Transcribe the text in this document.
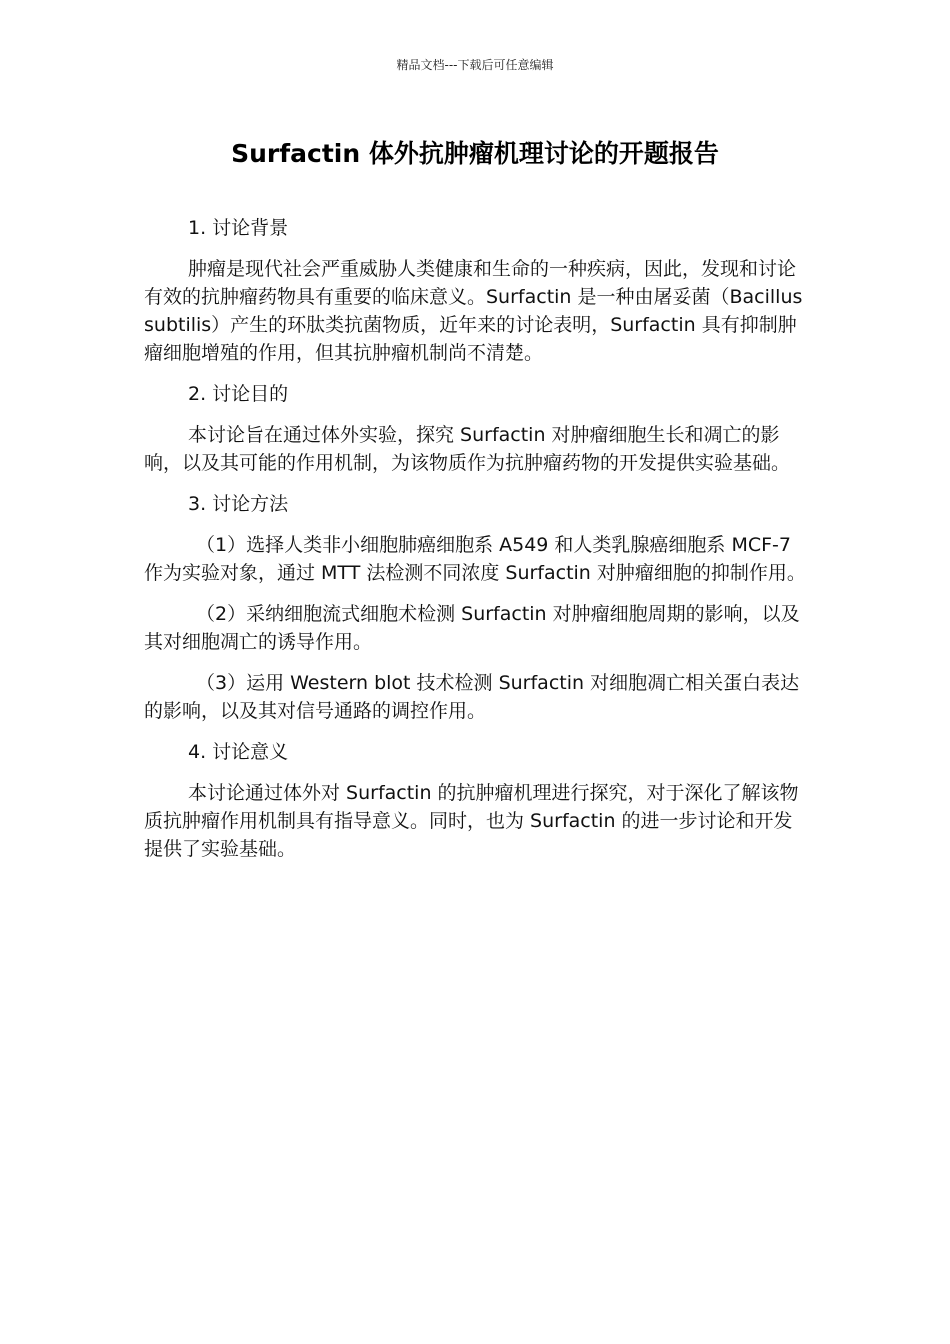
精品文档---下载后可任意编辑
Surfactin 体外抗肿瘤机理讨论的开题报告
1. 讨论背景

肿瘤是现代社会严重威胁人类健康和生命的一种疾病，因此，发现和讨论有效的抗肿瘤药物具有重要的临床意义。Surfactin 是一种由屠妥菌（Bacillus subtilis）产生的环肽类抗菌物质，近年来的讨论表明，Surfactin 具有抑制肿瘤细胞增殖的作用，但其抗肿瘤机制尚不清楚。

2. 讨论目的

本讨论旨在通过体外实验，探究 Surfactin 对肿瘤细胞生长和凋亡的影响，以及其可能的作用机制，为该物质作为抗肿瘤药物的开发提供实验基础。

3. 讨论方法

（1）选择人类非小细胞肺癌细胞系 A549 和人类乳腺癌细胞系 MCF-7 作为实验对象，通过 MTT 法检测不同浓度 Surfactin 对肿瘤细胞的抑制作用。

（2）采纳细胞流式细胞术检测 Surfactin 对肿瘤细胞周期的影响，以及其对细胞凋亡的诱导作用。

（3）运用 Western blot 技术检测 Surfactin 对细胞凋亡相关蛋白表达的影响，以及其对信号通路的调控作用。

4. 讨论意义

本讨论通过体外对 Surfactin 的抗肿瘤机理进行探究，对于深化了解该物质抗肿瘤作用机制具有指导意义。同时，也为 Surfactin 的进一步讨论和开发提供了实验基础。
